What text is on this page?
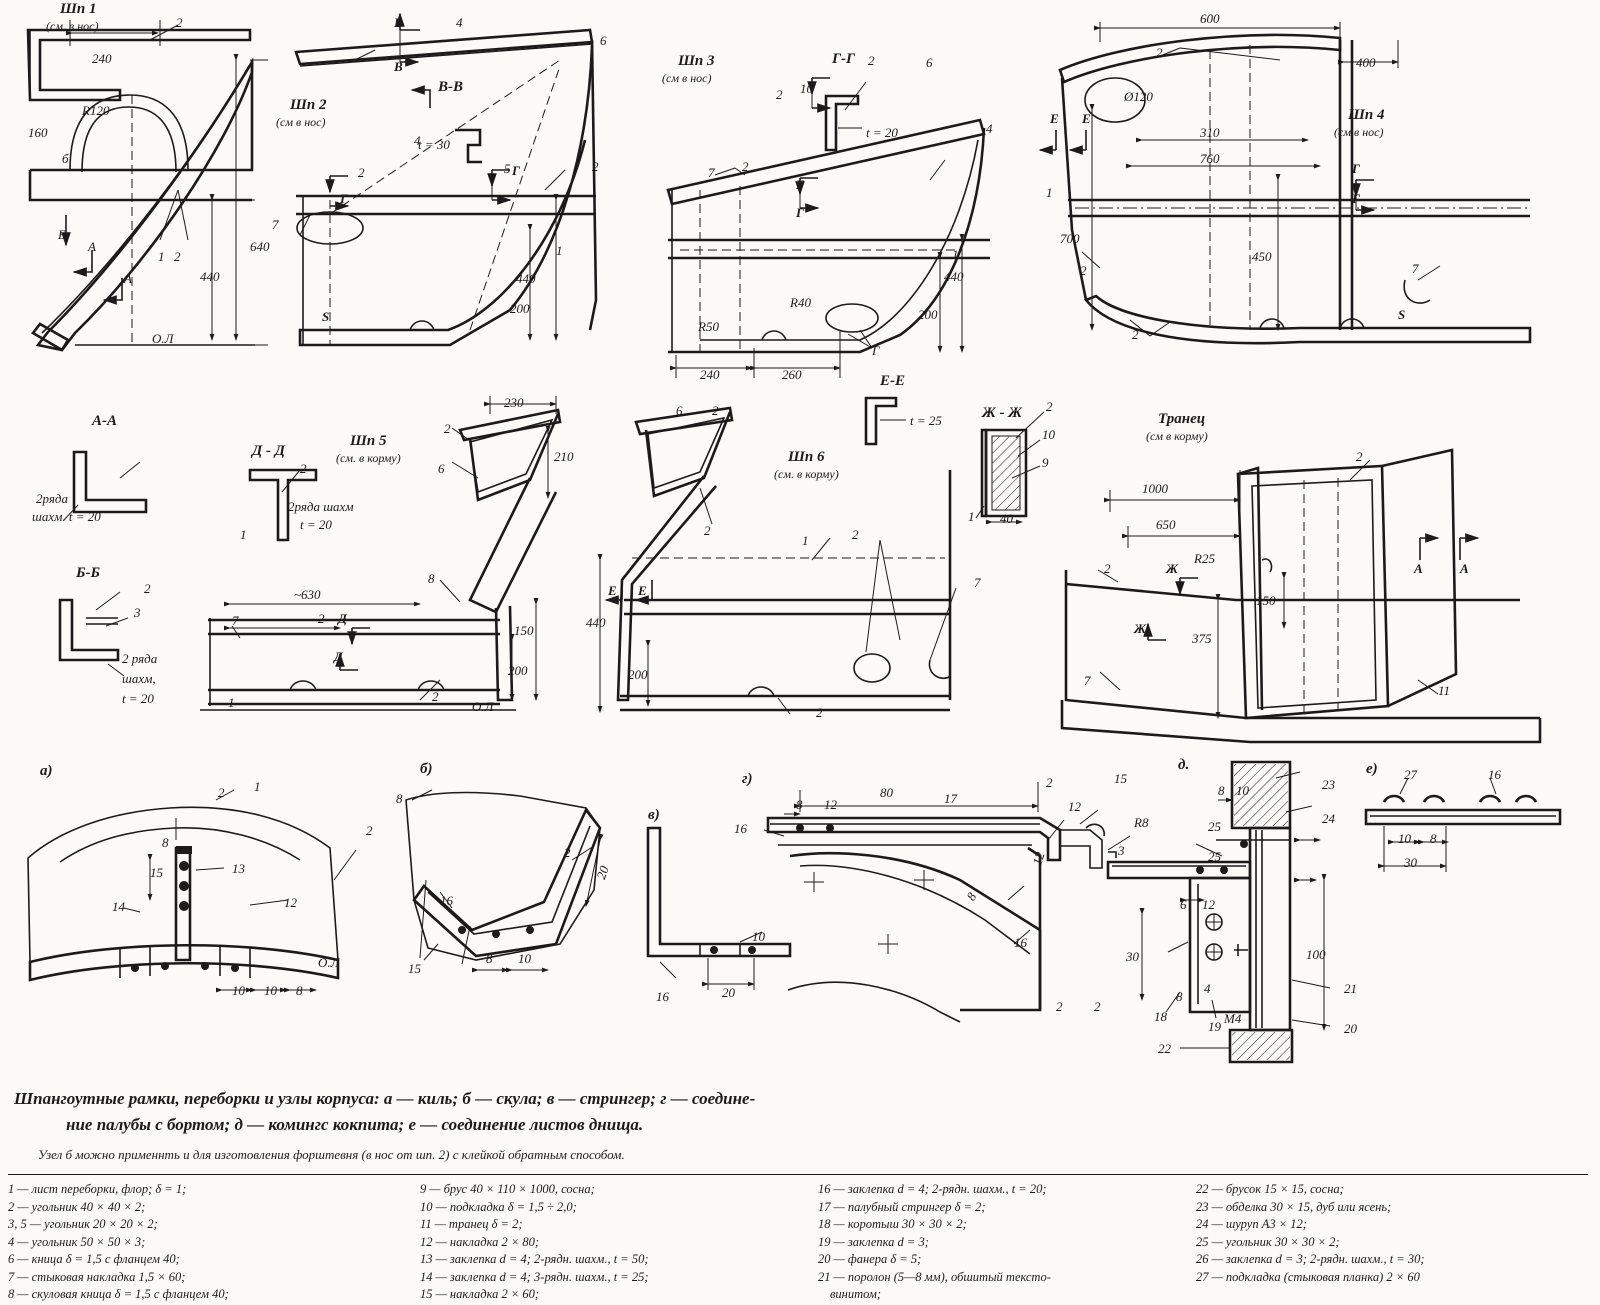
Шп 1
(см. в нос)
240
R120
160
б
640
440
О.Л
2
1 2
А
А
Б
Шп 2
(см в нос)
4
6
2
5
4
В
В
В-В
t = 30
2
1
7
Г
Г
440
200
Шп 3
(см в нос)
Г-Г
2 10
2
t = 20
7 2
6
4
1
Г
Г
Г
R50
R40
240	260
440
200
Шп 4
(см в нос)
600
400
Ø120
310
760
700
450
2
1
2
2
7
Е Е
Г
Г
S
S
А-А
2ряда
шахм. t = 20
Б-Б
2
3
2 ряда
шахм,
t = 20
Д - Д
2
2ряда шахм
t = 20
1
Шп 5
(см. в корму)
230
210
~630
150
200
О.Л
2
6
8
7	2
1	2
Д
Д
Шп 6
(см. в корму)
6 2
2
1	2
7
2
Е Е
440
200
Е-Е
t = 25	Ж - Ж 2
10
9
1 40
Транец
(см в корму)
1000
650
R25
150
375
2
2
7
11
Ж
Ж
А	А
а)	б)
в)
г)
д.	е)
2 1
2
13
14	12
8
15
10 10 8
О.Л
8
2
16
15
8 10
20
16
10
20
80
8 12	12
R8
8
12	3
2	15
17
16
16
2
8 10
6 12
30
8
4
100
M4
23
24
25
25
21
20
22
18
19
2
27	16
10 8
30
Шпангоутные рамки, переборки и узлы корпуса: а — киль; б — скула; в — стрингер; г — соедине-
ние палубы с бортом; д — комингс кокпита; е — соединение листов днища.
Узел б можно применнть и для изготовления форштевня (в нос от шп. 2) с клейкой обратным способом.
1 — лист переборки, флор; δ = 1;
2 — угольник 40 × 40 × 2;
3, 5 — угольник 20 × 20 × 2;
4 — угольник 50 × 50 × 3;
6 — кница δ = 1,5 с фланцем 40;
7 — стыковая накладка 1,5 × 60;
8 — скуловая кница δ = 1,5 с фланцем 40;
9 — брус 40 × 110 × 1000, сосна;
10 — подкладка δ = 1,5 ÷ 2,0;
11 — транец δ = 2;
12 — накладка 2 × 80;
13 — заклепка d = 4; 2-рядн. шахм., t = 50;
14 — заклепка d = 4; 3-рядн. шахм., t = 25;
15 — накладка 2 × 60;
16 — заклепка d = 4; 2-рядн. шахм., t = 20;
17 — палубный стрингер δ = 2;
18 — коротыш 30 × 30 × 2;
19 — заклепка d = 3;
20 — фанера δ = 5;
21 — поролон (5—8 мм), обшитый тексто-
винитом;
22 — брусок 15 × 15, сосна;
23 — обделка 30 × 15, дуб или ясень;
24 — шуруп А3 × 12;
25 — угольник 30 × 30 × 2;
26 — заклепка d = 3; 2-рядн. шахм., t = 30;
27 — подкладка (стыковая планка) 2 × 60
